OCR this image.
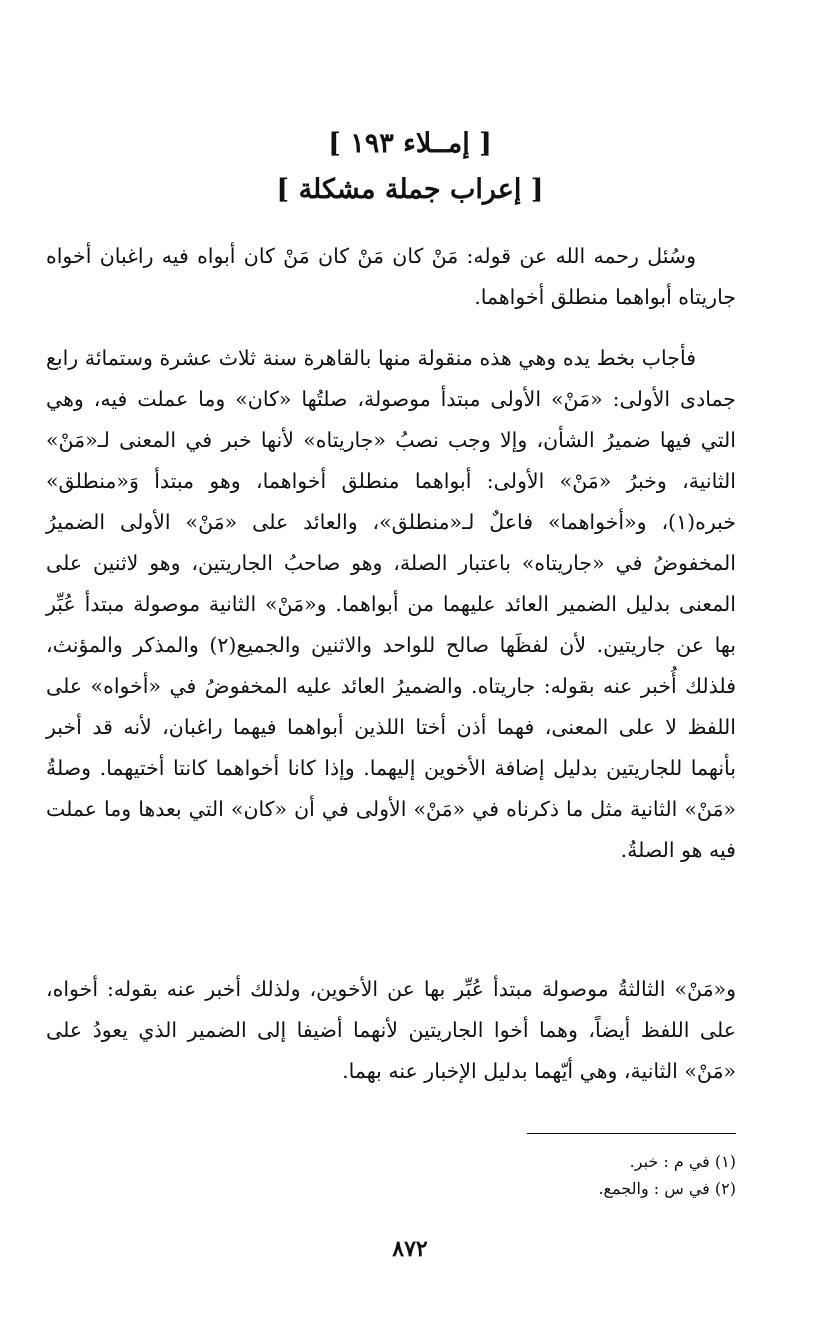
[ إمــلاء ١٩٣ ]
[ إعراب جملة مشكلة ]

وسُئل رحمه الله عن قوله: مَنْ كان مَنْ كان مَنْ كان أبواه فيه راغبان أخواه جاريتاه أبواهما منطلق أخواهما.

فأجاب بخط يده وهي هذه منقولة منها بالقاهرة سنة ثلاث عشرة وستمائة رابع جمادى الأولى: «مَنْ» الأولى مبتدأ موصولة، صلتُها «كان» وما عملت فيه، وهي التي فيها ضميرُ الشأن، وإلا وجب نصبُ «جاريتاه» لأنها خبر في المعنى لـ«مَنْ» الثانية، وخبرُ «مَنْ» الأولى: أبواهما منطلق أخواهما، وهو مبتدأ وَ«منطلق» خبره(١)، و«أخواهما» فاعلٌ لـ«منطلق»، والعائد على «مَنْ» الأولى الضميرُ المخفوضُ في «جاريتاه» باعتبار الصلة، وهو صاحبُ الجاريتين، وهو لاثنين على المعنى بدليل الضمير العائد عليهما من أبواهما. و«مَنْ» الثانية موصولة مبتدأ عُبِّر بها عن جاريتين. لأن لفظَها صالح للواحد والاثنين والجميع(٢) والمذكر والمؤنث، فلذلك أُخبر عنه بقوله: جاريتاه. والضميرُ العائد عليه المخفوضُ في «أخواه» على اللفظ لا على المعنى، فهما أذن أختا اللذين أبواهما فيهما راغبان، لأنه قد أخبر بأنهما للجاريتين بدليل إضافة الأخوين إليهما. وإذا كانا أخواهما كانتا أختيهما. وصلةُ «مَنْ» الثانية مثل ما ذكرناه في «مَنْ» الأولى في أن «كان» التي بعدها وما عملت فيه هو الصلةُ.

و«مَنْ» الثالثةُ موصولة مبتدأ عُبِّر بها عن الأخوين، ولذلك أخبر عنه بقوله: أخواه، على اللفظ أيضاً، وهما أخوا الجاريتين لأنهما أضيفا إلى الضمير الذي يعودُ على «مَنْ» الثانية، وهي أيّهما بدليل الإخبار عنه بهما.

(١) في م : خبر.
(٢) في س : والجمع.
٨٧٢
